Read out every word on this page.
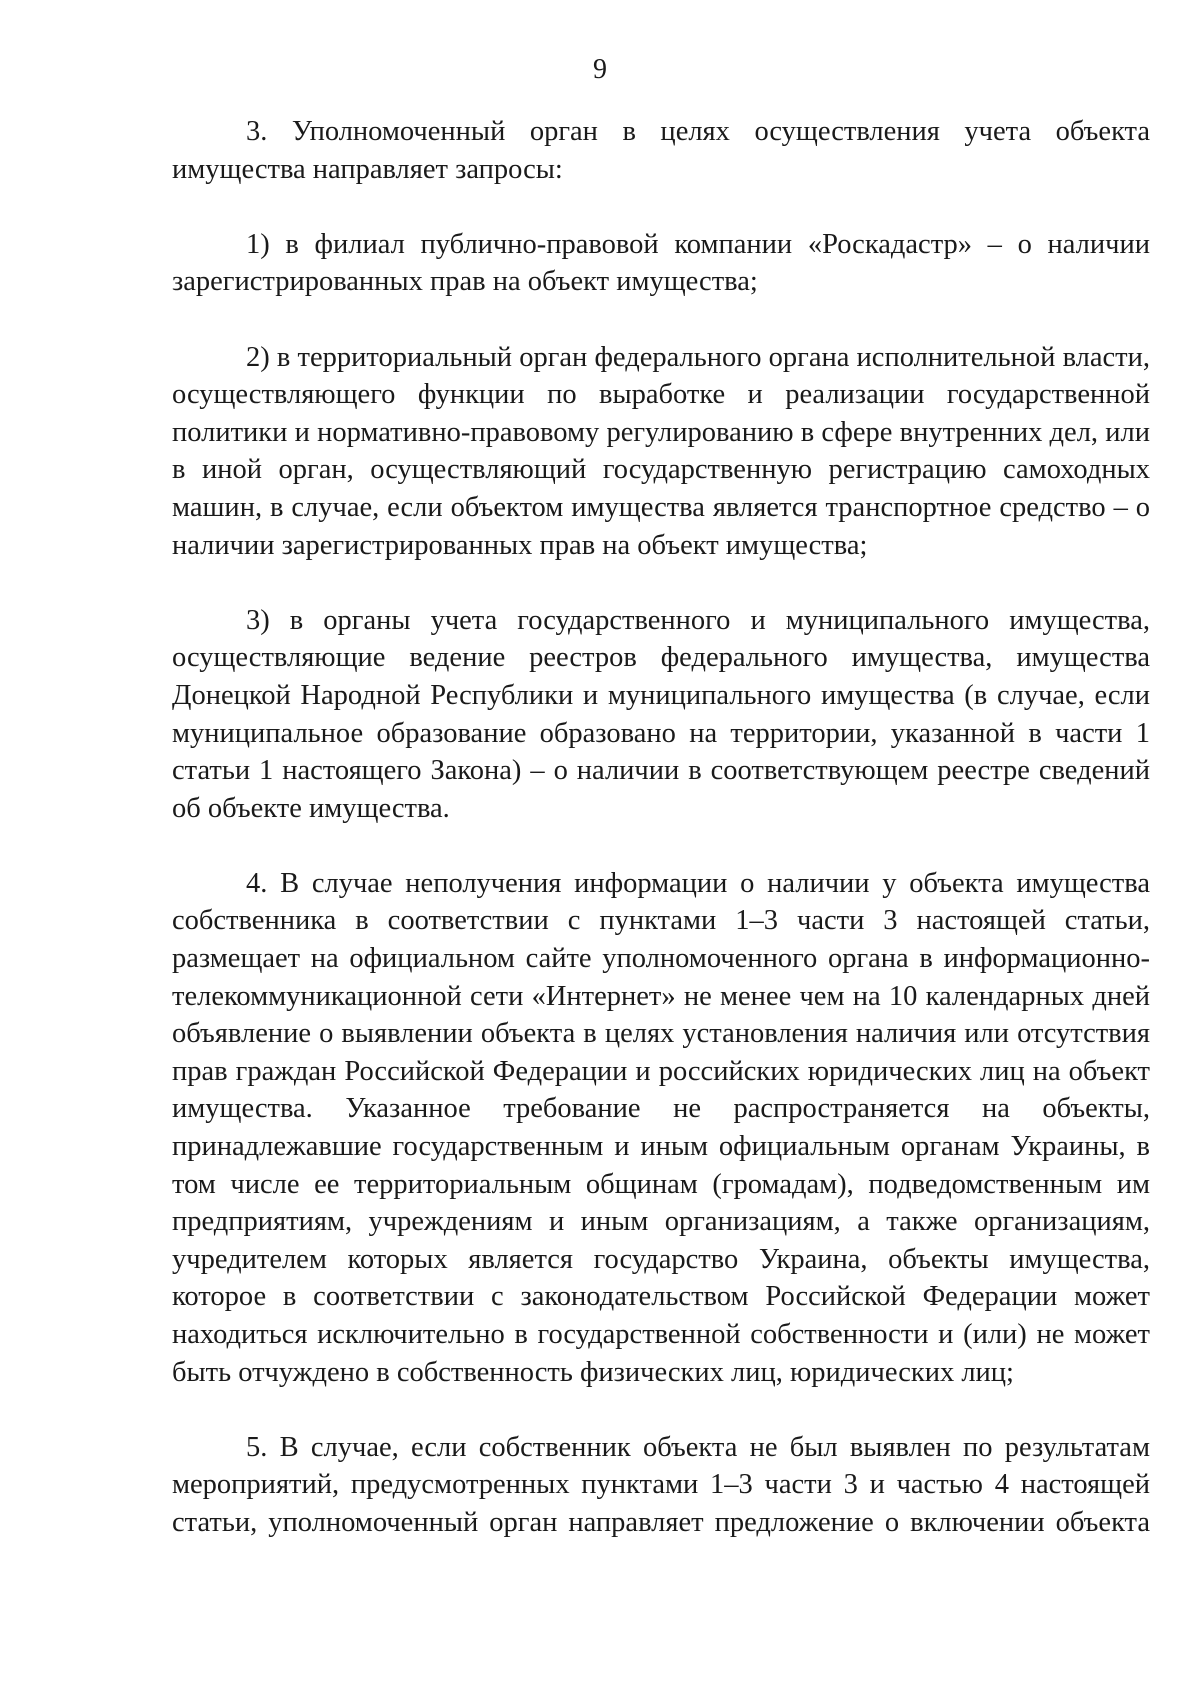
9

3. Уполномоченный орган в целях осуществления учета объекта имущества направляет запросы:

1) в филиал публично-правовой компании «Роскадастр» – о наличии зарегистрированных прав на объект имущества;

2) в территориальный орган федерального органа исполнительной власти, осуществляющего функции по выработке и реализации государственной политики и нормативно-правовому регулированию в сфере внутренних дел, или в иной орган, осуществляющий государственную регистрацию самоходных машин, в случае, если объектом имущества является транспортное средство – о наличии зарегистрированных прав на объект имущества;

3) в органы учета государственного и муниципального имущества, осуществляющие ведение реестров федерального имущества, имущества Донецкой Народной Республики и муниципального имущества (в случае, если муниципальное образование образовано на территории, указанной в части 1 статьи 1 настоящего Закона) – о наличии в соответствующем реестре сведений об объекте имущества.

4. В случае неполучения информации о наличии у объекта имущества собственника в соответствии с пунктами 1–3 части 3 настоящей статьи, размещает на официальном сайте уполномоченного органа в информационно-телекоммуникационной сети «Интернет» не менее чем на 10 календарных дней объявление о выявлении объекта в целях установления наличия или отсутствия прав граждан Российской Федерации и российских юридических лиц на объект имущества. Указанное требование не распространяется на объекты, принадлежавшие государственным и иным официальным органам Украины, в том числе ее территориальным общинам (громадам), подведомственным им предприятиям, учреждениям и иным организациям, а также организациям, учредителем которых является государство Украина, объекты имущества, которое в соответствии с законодательством Российской Федерации может находиться исключительно в государственной собственности и (или) не может быть отчуждено в собственность физических лиц, юридических лиц;

5. В случае, если собственник объекта не был выявлен по результатам мероприятий, предусмотренных пунктами 1–3 части 3 и частью 4 настоящей статьи, уполномоченный орган направляет предложение о включении объекта
